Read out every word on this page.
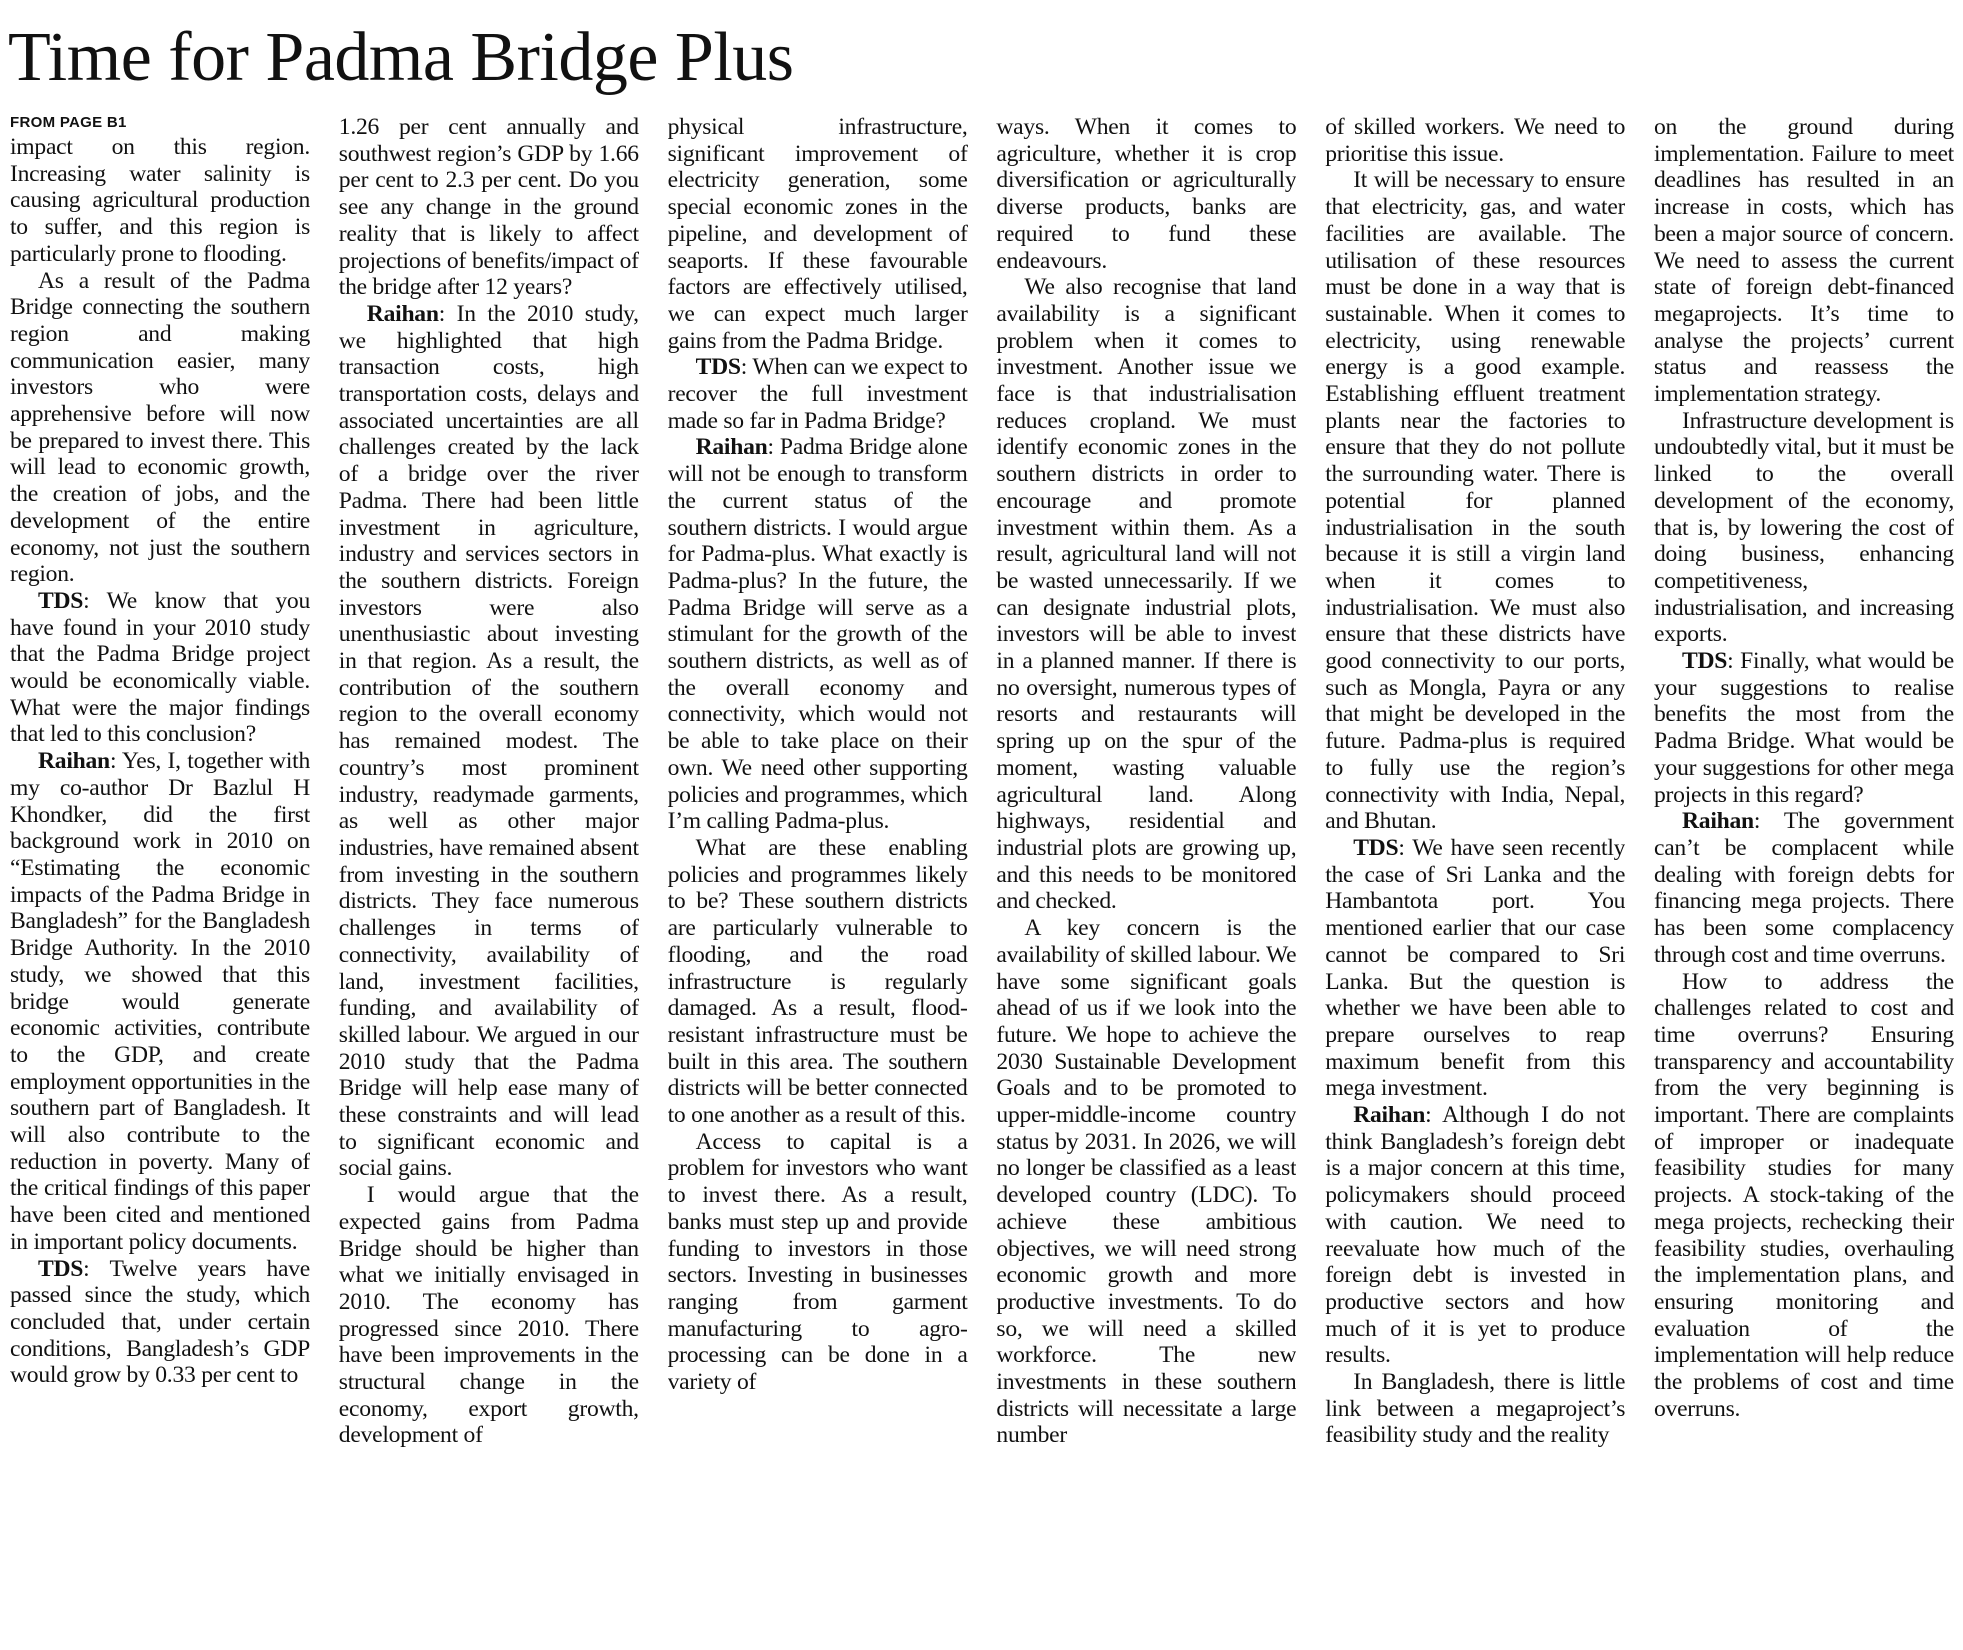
Time for Padma Bridge Plus
FROM PAGE B1

impact on this region. Increasing water salinity is causing agricultural production to suffer, and this region is particularly prone to flooding.

As a result of the Padma Bridge connecting the southern region and making communication easier, many investors who were apprehensive before will now be prepared to invest there. This will lead to economic growth, the creation of jobs, and the development of the entire economy, not just the southern region.

TDS: We know that you have found in your 2010 study that the Padma Bridge project would be economically viable. What were the major findings that led to this conclusion?

Raihan: Yes, I, together with my co-author Dr Bazlul H Khondker, did the first background work in 2010 on “Estimating the economic impacts of the Padma Bridge in Bangladesh” for the Bangladesh Bridge Authority. In the 2010 study, we showed that this bridge would generate economic activities, contribute to the GDP, and create employment opportunities in the southern part of Bangladesh. It will also contribute to the reduction in poverty. Many of the critical findings of this paper have been cited and mentioned in important policy documents.

TDS: Twelve years have passed since the study, which concluded that, under certain conditions, Bangladesh’s GDP would grow by 0.33 per cent to

1.26 per cent annually and southwest region’s GDP by 1.66 per cent to 2.3 per cent. Do you see any change in the ground reality that is likely to affect projections of benefits/impact of the bridge after 12 years?

Raihan: In the 2010 study, we highlighted that high transaction costs, high transportation costs, delays and associated uncertainties are all challenges created by the lack of a bridge over the river Padma. There had been little investment in agriculture, industry and services sectors in the southern districts. Foreign investors were also unenthusiastic about investing in that region. As a result, the contribution of the southern region to the overall economy has remained modest. The country’s most prominent industry, readymade garments, as well as other major industries, have remained absent from investing in the southern districts. They face numerous challenges in terms of connectivity, availability of land, investment facilities, funding, and availability of skilled labour. We argued in our 2010 study that the Padma Bridge will help ease many of these constraints and will lead to significant economic and social gains.

I would argue that the expected gains from Padma Bridge should be higher than what we initially envisaged in 2010. The economy has progressed since 2010. There have been improvements in the structural change in the economy, export growth, development of

physical infrastructure, significant improvement of electricity generation, some special economic zones in the pipeline, and development of seaports. If these favourable factors are effectively utilised, we can expect much larger gains from the Padma Bridge.

TDS: When can we expect to recover the full investment made so far in Padma Bridge?

Raihan: Padma Bridge alone will not be enough to transform the current status of the southern districts. I would argue for Padma-plus. What exactly is Padma-plus? In the future, the Padma Bridge will serve as a stimulant for the growth of the southern districts, as well as of the overall economy and connectivity, which would not be able to take place on their own. We need other supporting policies and programmes, which I’m calling Padma-plus.

What are these enabling policies and programmes likely to be? These southern districts are particularly vulnerable to flooding, and the road infrastructure is regularly damaged. As a result, flood-resistant infrastructure must be built in this area. The southern districts will be better connected to one another as a result of this.

Access to capital is a problem for investors who want to invest there. As a result, banks must step up and provide funding to investors in those sectors. Investing in businesses ranging from garment manufacturing to agro-processing can be done in a variety of

ways. When it comes to agriculture, whether it is crop diversification or agriculturally diverse products, banks are required to fund these endeavours.

We also recognise that land availability is a significant problem when it comes to investment. Another issue we face is that industrialisation reduces cropland. We must identify economic zones in the southern districts in order to encourage and promote investment within them. As a result, agricultural land will not be wasted unnecessarily. If we can designate industrial plots, investors will be able to invest in a planned manner. If there is no oversight, numerous types of resorts and restaurants will spring up on the spur of the moment, wasting valuable agricultural land. Along highways, residential and industrial plots are growing up, and this needs to be monitored and checked.

A key concern is the availability of skilled labour. We have some significant goals ahead of us if we look into the future. We hope to achieve the 2030 Sustainable Development Goals and to be promoted to upper-middle-income country status by 2031. In 2026, we will no longer be classified as a least developed country (LDC). To achieve these ambitious objectives, we will need strong economic growth and more productive investments. To do so, we will need a skilled workforce. The new investments in these southern districts will necessitate a large number

of skilled workers. We need to prioritise this issue.

It will be necessary to ensure that electricity, gas, and water facilities are available. The utilisation of these resources must be done in a way that is sustainable. When it comes to electricity, using renewable energy is a good example. Establishing effluent treatment plants near the factories to ensure that they do not pollute the surrounding water. There is potential for planned industrialisation in the south because it is still a virgin land when it comes to industrialisation. We must also ensure that these districts have good connectivity to our ports, such as Mongla, Payra or any that might be developed in the future. Padma-plus is required to fully use the region’s connectivity with India, Nepal, and Bhutan.

TDS: We have seen recently the case of Sri Lanka and the Hambantota port. You mentioned earlier that our case cannot be compared to Sri Lanka. But the question is whether we have been able to prepare ourselves to reap maximum benefit from this mega investment.

Raihan: Although I do not think Bangladesh’s foreign debt is a major concern at this time, policymakers should proceed with caution. We need to reevaluate how much of the foreign debt is invested in productive sectors and how much of it is yet to produce results.

In Bangladesh, there is little link between a megaproject’s feasibility study and the reality

on the ground during implementation. Failure to meet deadlines has resulted in an increase in costs, which has been a major source of concern. We need to assess the current state of foreign debt-financed megaprojects. It’s time to analyse the projects’ current status and reassess the implementation strategy.

Infrastructure development is undoubtedly vital, but it must be linked to the overall development of the economy, that is, by lowering the cost of doing business, enhancing competitiveness, industrialisation, and increasing exports.

TDS: Finally, what would be your suggestions to realise benefits the most from the Padma Bridge. What would be your suggestions for other mega projects in this regard?

Raihan: The government can’t be complacent while dealing with foreign debts for financing mega projects. There has been some complacency through cost and time overruns.

How to address the challenges related to cost and time overruns? Ensuring transparency and accountability from the very beginning is important. There are complaints of improper or inadequate feasibility studies for many projects. A stock-taking of the mega projects, rechecking their feasibility studies, overhauling the implementation plans, and ensuring monitoring and evaluation of the implementation will help reduce the problems of cost and time overruns.
